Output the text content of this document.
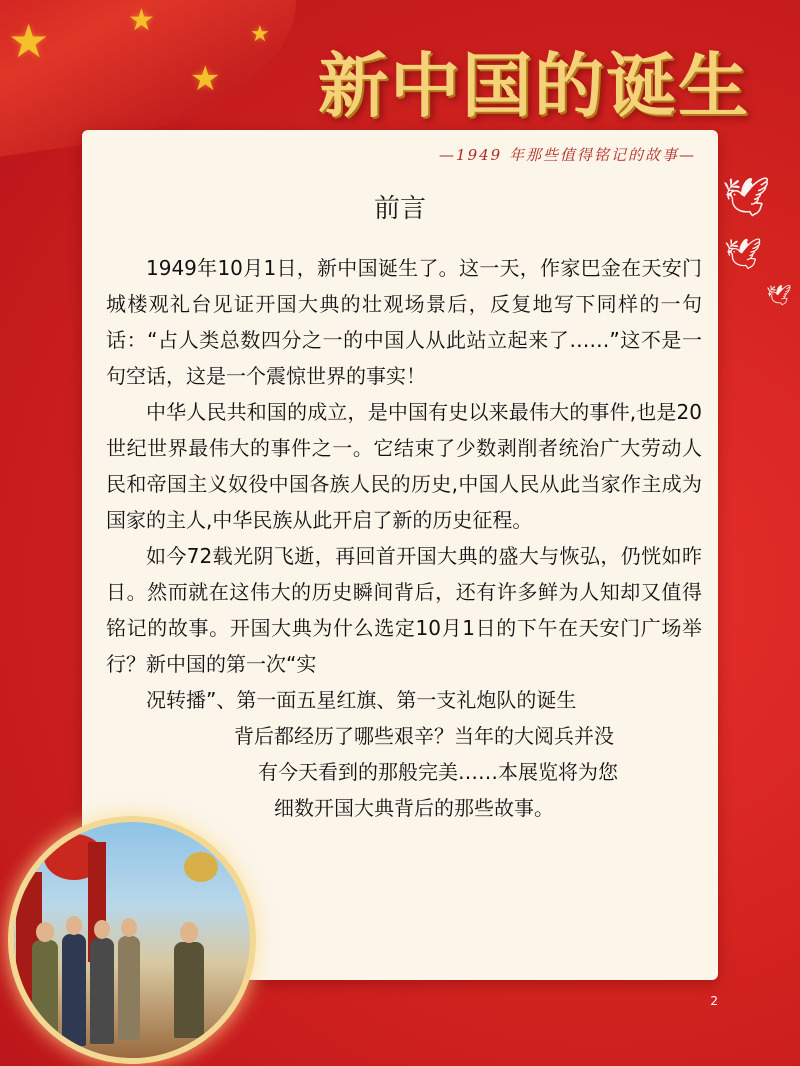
★	★
★
★
新中国的诞生
🕊
🕊
🕊
—1949 年那些值得铭记的故事—
前言

1949年10月1日，新中国诞生了。这一天，作家巴金在天安门城楼观礼台见证开国大典的壮观场景后，反复地写下同样的一句话：“占人类总数四分之一的中国人从此站立起来了……”这不是一句空话，这是一个震惊世界的事实！

中华人民共和国的成立，是中国有史以来最伟大的事件,也是20世纪世界最伟大的事件之一。它结束了少数剥削者统治广大劳动人民和帝国主义奴役中国各族人民的历史,中国人民从此当家作主成为国家的主人,中华民族从此开启了新的历史征程。

如今72载光阴飞逝，再回首开国大典的盛大与恢弘，仍恍如昨日。然而就在这伟大的历史瞬间背后，还有许多鲜为人知却又值得铭记的故事。开国大典为什么选定10月1日的下午在天安门广场举行？新中国的第一次“实

况转播”、第一面五星红旗、第一支礼炮队的诞生
背后都经历了哪些艰辛？当年的大阅兵并没
有今天看到的那般完美……本展览将为您
细数开国大典背后的那些故事。
2
